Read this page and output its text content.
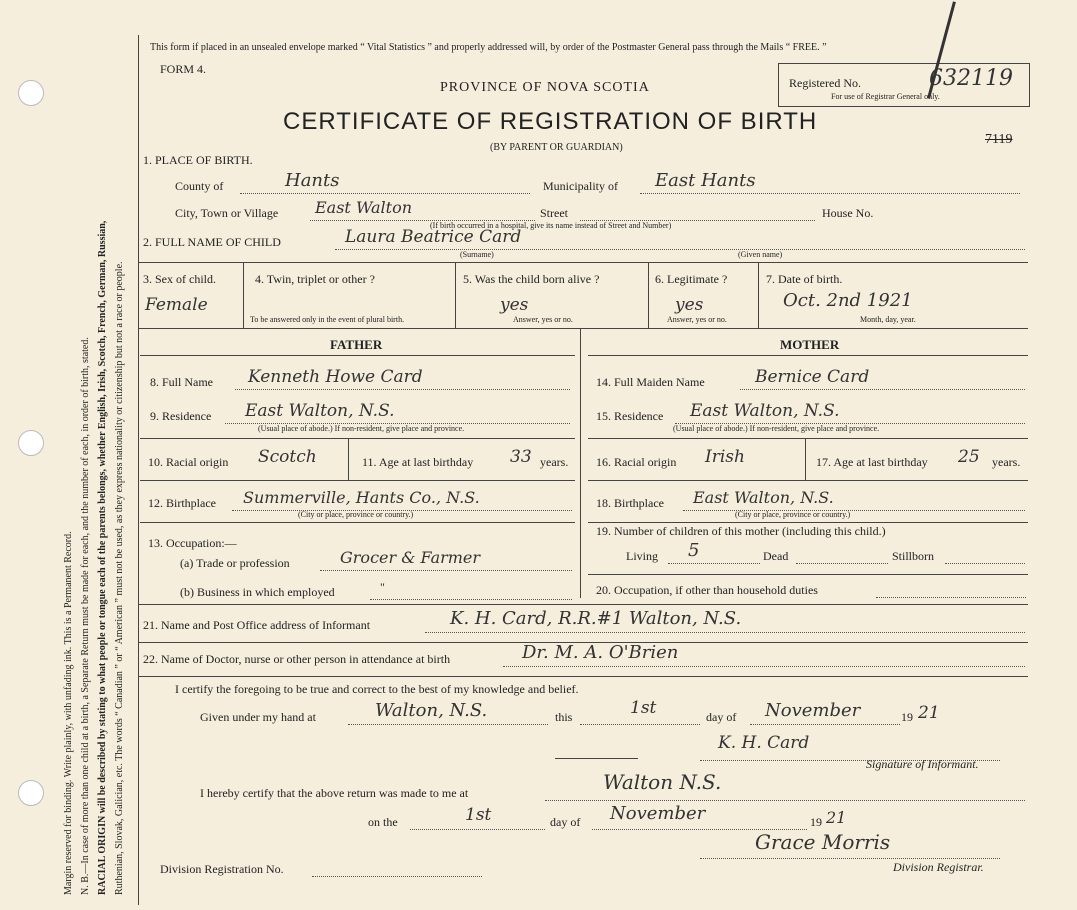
Margin reserved for binding. Write plainly, with unfading ink. This is a Permanent Record. N. B.—In case of more than one child at a birth, a Separate Return must be made for each, and the number of each, in order of birth, stated. RACIAL ORIGIN will be described by stating to what people or tongue each of the parents belongs, whether English, Irish, Scotch, French, German, Russian, Ruthenian, Slovak, Galician, etc. The words “ Canadian ” or “ American ” must not be used, as they express nationality or citizenship but not a race or people.
This form if placed in an unsealed envelope marked “ Vital Statistics ” and properly addressed will, by order of the Postmaster General pass through the Mails “ FREE. ”
FORM 4.
PROVINCE OF NOVA SCOTIA
CERTIFICATE OF REGISTRATION OF BIRTH
(BY PARENT OR GUARDIAN)
Registered No.	632119
For use of Registrar General only.
7119
1. PLACE OF BIRTH.
County of	Hants	Municipality of East Hants
City, Town or Village East Walton	Street
(If birth occurred in a hospital, give its name instead of Street and Number)
House No.
2. FULL NAME OF CHILD	Laura Beatrice Card
(Surname)	(Given name)
3. Sex of child.
Female
4. Twin, triplet or other ?
To be answered only in the event of plural birth.
5. Was the child born alive ?
yes
Answer, yes or no.
6. Legitimate ?
yes
Answer, yes or no.
7. Date of birth.
Oct. 2nd 1921
Month, day, year.
FATHER	MOTHER
8. Full Name Kenneth Howe Card
9. Residence East Walton, N.S.
(Usual place of abode.) If non-resident, give place and province.
10. Racial origin Scotch	11. Age at last birthday 33 years.
12. Birthplace Summerville, Hants Co., N.S.
(City or place, province or country.)
13. Occupation:—
(a) Trade or profession	Grocer & Farmer
(b) Business in which employed	"
14. Full Maiden Name	Bernice Card
15. Residence East Walton, N.S.
(Usual place of abode.) If non-resident, give place and province.
16. Racial origin Irish	17. Age at last birthday 25 years.
18. Birthplace East Walton, N.S.
(City or place, province or country.)
19. Number of children of this mother (including this child.)
Living 5	Dead	Stillborn
20. Occupation, if other than household duties
21. Name and Post Office address of Informant	K. H. Card, R.R.#1 Walton, N.S.
22. Name of Doctor, nurse or other person in attendance at birth	Dr. M. A. O'Brien
I certify the foregoing to be true and correct to the best of my knowledge and belief.
Given under my hand at	Walton, N.S.	this	1st	day of November	19 21
K. H. Card
Signature of Informant.
I hereby certify that the above return was made to me at	Walton N.S.
on the	1st	day of November	19 21
Grace Morris
Division Registrar.
Division Registration No.
